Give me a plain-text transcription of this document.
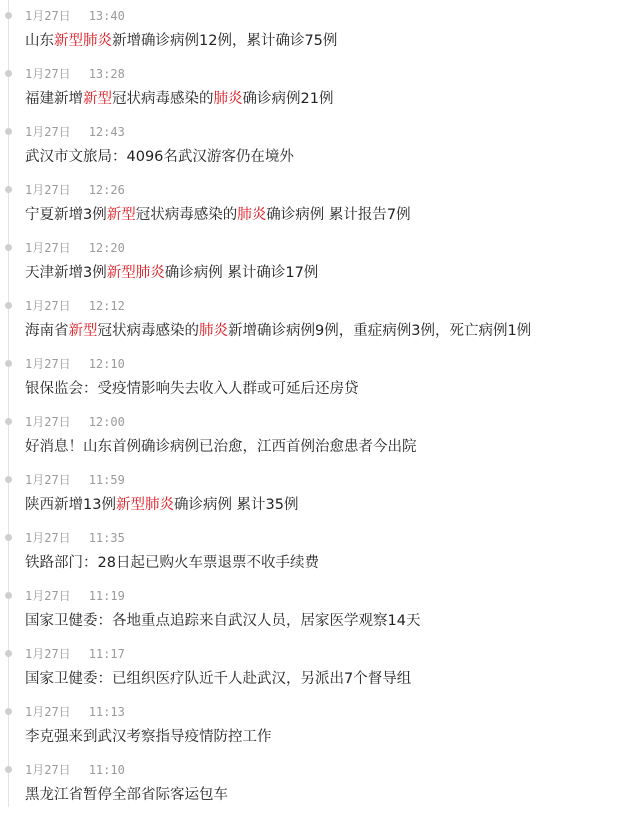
1月27日 13:40
山东新型肺炎新增确诊病例12例，累计确诊75例
1月27日 13:28
福建新增新型冠状病毒感染的肺炎确诊病例21例
1月27日 12:43
武汉市文旅局：4096名武汉游客仍在境外
1月27日 12:26
宁夏新增3例新型冠状病毒感染的肺炎确诊病例 累计报告7例
1月27日 12:20
天津新增3例新型肺炎确诊病例 累计确诊17例
1月27日 12:12
海南省新型冠状病毒感染的肺炎新增确诊病例9例，重症病例3例，死亡病例1例
1月27日 12:10
银保监会：受疫情影响失去收入人群或可延后还房贷
1月27日 12:00
好消息！山东首例确诊病例已治愈，江西首例治愈患者今出院
1月27日 11:59
陕西新增13例新型肺炎确诊病例 累计35例
1月27日 11:35
铁路部门：28日起已购火车票退票不收手续费
1月27日 11:19
国家卫健委：各地重点追踪来自武汉人员，居家医学观察14天
1月27日 11:17
国家卫健委：已组织医疗队近千人赴武汉，另派出7个督导组
1月27日 11:13
李克强来到武汉考察指导疫情防控工作
1月27日 11:10
黑龙江省暂停全部省际客运包车
